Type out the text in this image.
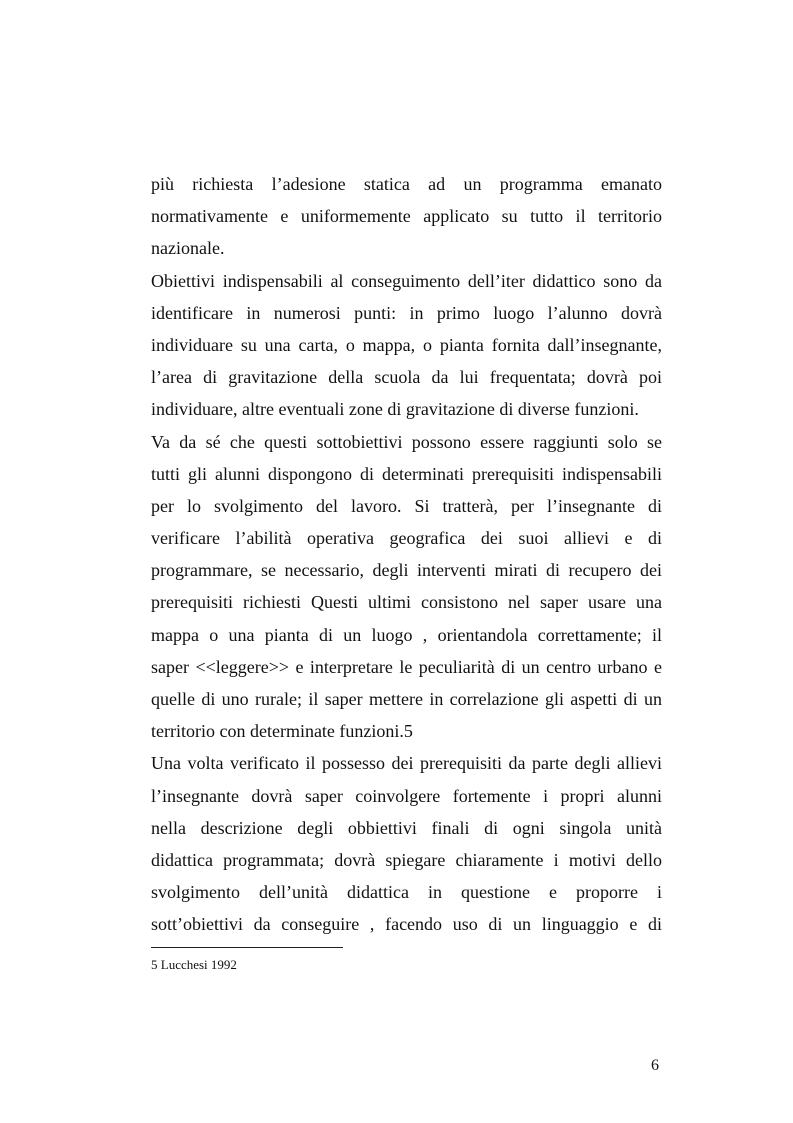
più richiesta l’adesione statica ad un programma emanato
normativamente e uniformemente applicato su tutto il territorio
nazionale.
Obiettivi indispensabili al conseguimento dell’iter didattico sono da
identificare in numerosi punti: in primo luogo l’alunno dovrà
individuare su una carta, o mappa, o pianta fornita dall’insegnante,
l’area di gravitazione della scuola da lui frequentata; dovrà poi
individuare, altre eventuali zone di gravitazione di diverse funzioni.
Va da sé che questi sottobiettivi possono essere raggiunti solo se
tutti gli alunni dispongono di determinati prerequisiti indispensabili
per lo svolgimento del lavoro. Si tratterà, per l’insegnante di
verificare l’abilità operativa geografica dei suoi allievi e di
programmare, se necessario, degli interventi mirati di recupero dei
prerequisiti richiesti Questi ultimi consistono nel saper usare una
mappa o una pianta di un luogo , orientandola correttamente; il
saper <<leggere>> e interpretare le peculiarità di un centro urbano e
quelle di uno rurale; il saper mettere in correlazione gli aspetti di un
territorio con determinate funzioni.5
Una volta verificato il possesso dei prerequisiti da parte degli allievi
l’insegnante dovrà saper coinvolgere fortemente i propri alunni
nella descrizione degli obbiettivi finali di ogni singola unità
didattica programmata; dovrà spiegare chiaramente i motivi dello
svolgimento dell’unità didattica in questione e proporre i
sott’obiettivi da conseguire , facendo uso di un linguaggio e di
5 Lucchesi 1992
6
